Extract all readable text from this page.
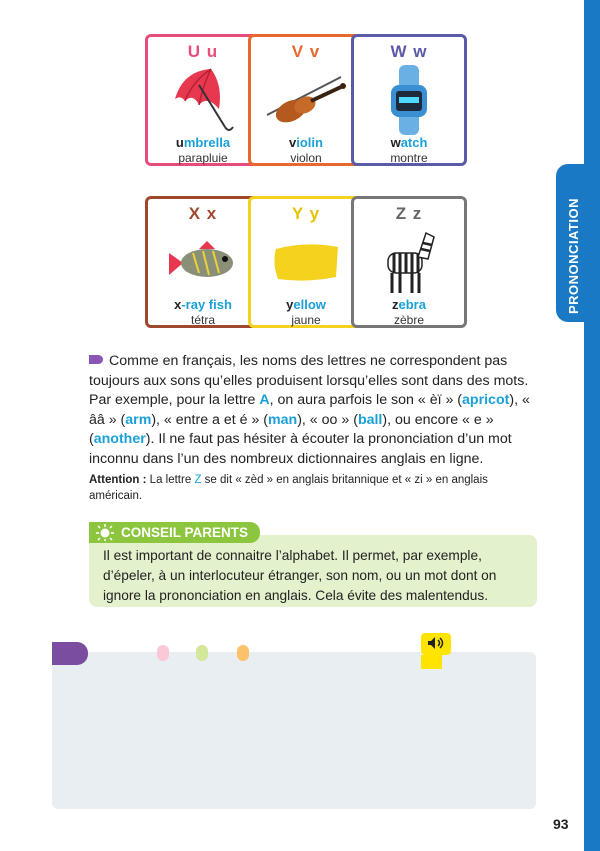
PRONONCIATION
U u
umbrella
parapluie
V v
violin
violon
W w
watch
montre
X x
x-ray fish
tétra
Y y
yellow
jaune
Z z
zebra
zèbre
Comme en français, les noms des lettres ne correspondent pas toujours aux sons qu’elles produisent lorsqu’elles sont dans des mots. Par exemple, pour la lettre A, on aura parfois le son « èï » (apricot), « ââ » (arm), « entre a et é » (man), « oo » (ball), ou encore « e » (another). Il ne faut pas hésiter à écouter la prononciation d’un mot inconnu dans l’un des nombreux dictionnaires anglais en ligne.
Attention : La lettre Z se dit « zèd » en anglais britannique et « zi » en anglais américain.
CONSEIL PARENTS
Il est important de connaitre l’alphabet. Il permet, par exemple, d’épeler, à un interlocuteur étranger, son nom, ou un mot dont on ignore la prononciation en anglais. Cela évite des malentendus.
93
